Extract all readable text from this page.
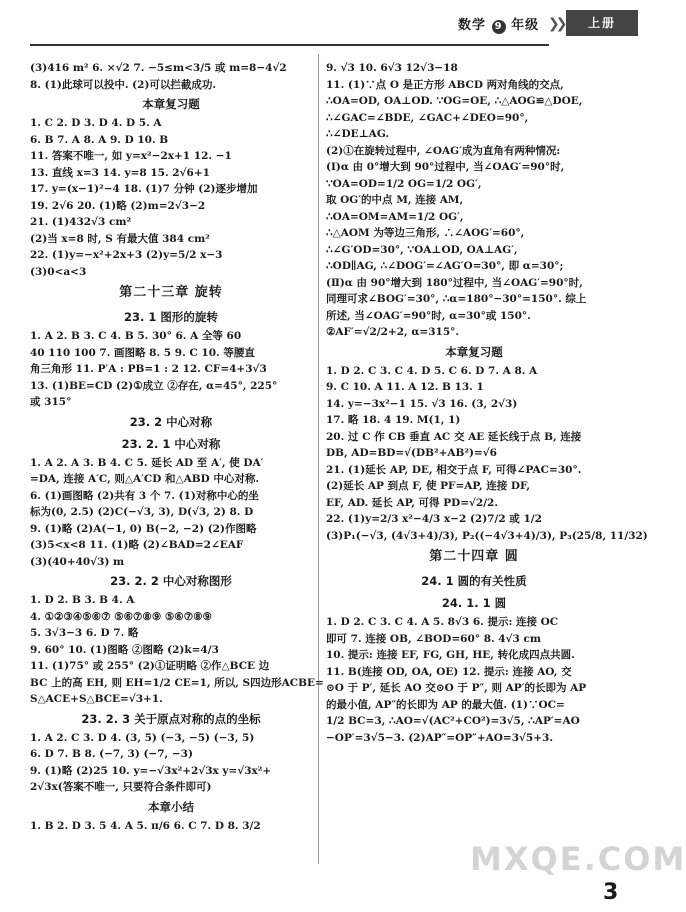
数学 9 年级 ❯❯	上册
(3)416 m² 6. ×√2 7. −5≤m<3/5 或 m=8−4√2
8. (1)此球可以投中. (2)可以拦截成功.
本章复习题
1. C 2. D 3. D 4. D 5. A
6. B 7. A 8. A 9. D 10. B
11. 答案不唯一, 如 y=x²−2x+1 12. −1
13. 直线 x=3 14. y=8 15. 2√6+1
17. y=(x−1)²−4 18. (1)7 分钟 (2)逐步增加
19. 2√6 20. (1)略 (2)m=2√3−2
21. (1)432√3 cm²
(2)当 x=8 时, S 有最大值 384 cm²
22. (1)y=−x²+2x+3 (2)y=5/2 x−3
(3)0<a<3
第二十三章 旋转
23. 1 图形的旋转
1. A 2. B 3. C 4. B 5. 30° 6. A 全等 60
40 110 100 7. 画图略 8. 5 9. C 10. 等腰直
角三角形 11. P′A : PB=1 : 2 12. CF=4+3√3
13. (1)BE=CD (2)①成立 ②存在, α=45°, 225°
或 315°
23. 2 中心对称
23. 2. 1 中心对称
1. A 2. A 3. B 4. C 5. 延长 AD 至 A′, 使 DA′
=DA, 连接 A′C, 则△A′CD 和△ABD 中心对称.
6. (1)画图略 (2)共有 3 个 7. (1)对称中心的坐
标为(0, 2.5) (2)C(−√3, 3), D(√3, 2) 8. D
9. (1)略 (2)A(−1, 0) B(−2, −2) (2)作图略
(3)5<x<8 11. (1)略 (2)∠BAD=2∠EAF
(3)(40+40√3) m
23. 2. 2 中心对称图形
1. D 2. B 3. B 4. A
4. ①②③④⑤⑥⑦ ⑤⑥⑦⑧⑨ ⑤⑥⑦⑧⑨
5. 3√3−3 6. D 7. 略
9. 60° 10. (1)图略 ②图略 (2)k=4/3
11. (1)75° 或 255° (2)①证明略 ②作△BCE 边
BC 上的高 EH, 则 EH=1/2 CE=1, 所以, S四边形ACBE=
S△ACE+S△BCE=√3+1.
23. 2. 3 关于原点对称的点的坐标
1. A 2. C 3. D 4. (3, 5) (−3, −5) (−3, 5)
6. D 7. B 8. (−7, 3) (−7, −3)
9. (1)略 (2)25 10. y=−√3x²+2√3x y=√3x²+
2√3x(答案不唯一, 只要符合条件即可)
本章小结
1. B 2. D 3. 5 4. A 5. π/6 6. C 7. D 8. 3/2
9. √3 10. 6√3 12√3−18
11. (1)∵点 O 是正方形 ABCD 两对角线的交点,
∴OA=OD, OA⊥OD. ∵OG=OE, ∴△AOG≌△DOE,
∴∠GAC=∠BDE, ∠GAC+∠DEO=90°,
∴∠DE⊥AG.
(2)①在旋转过程中, ∠OAG′成为直角有两种情况:
(Ⅰ)α 由 0°增大到 90°过程中, 当∠OAG′=90°时,
∵OA=OD=1/2 OG=1/2 OG′,
取 OG′的中点 M, 连接 AM,
∴OA=OM=AM=1/2 OG′,
∴△AOM 为等边三角形, ∴∠AOG′=60°,
∴∠G′OD=30°, ∵OA⊥OD, OA⊥AG′,
∴OD∥AG, ∴∠DOG′=∠AG′O=30°, 即 α=30°;
(Ⅱ)α 由 90°增大到 180°过程中, 当∠OAG′=90°时,
同理可求∠BOG′=30°, ∴α=180°−30°=150°. 综上
所述, 当∠OAG′=90°时, α=30°或 150°.
②AF′=√2/2+2, α=315°.
本章复习题
1. D 2. C 3. C 4. D 5. C 6. D 7. A 8. A
9. C 10. A 11. A 12. B 13. 1
14. y=−3x²−1 15. √3 16. (3, 2√3)
17. 略 18. 4 19. M(1, 1)
20. 过 C 作 CB 垂直 AC 交 AE 延长线于点 B, 连接
DB, AD=BD=√(DB²+AB²)=√6
21. (1)延长 AP, DE, 相交于点 F, 可得∠PAC=30°.
(2)延长 AP 到点 F, 使 PF=AP, 连接 DF,
EF, AD. 延长 AP, 可得 PD=√2/2.
22. (1)y=2/3 x²−4/3 x−2 (2)7/2 或 1/2
(3)P₁(−√3, (4√3+4)/3), P₂((−4√3+4)/3), P₃(25/8, 11/32)
第二十四章 圆
24. 1 圆的有关性质
24. 1. 1 圆
1. D 2. C 3. C 4. A 5. 8√3 6. 提示: 连接 OC
即可 7. 连接 OB, ∠BOD=60° 8. 4√3 cm
10. 提示: 连接 EF, FG, GH, HE, 转化成四点共圆.
11. B(连接 OD, OA, OE) 12. 提示: 连接 AO, 交
⊙O 于 P′, 延长 AO 交⊙O 于 P″, 则 AP′的长即为 AP
的最小值, AP″的长即为 AP 的最大值. (1)∵OC=
1/2 BC=3, ∴AO=√(AC²+CO²)=3√5, ∴AP′=AO
−OP′=3√5−3. (2)AP″=OP″+AO=3√5+3.
MXQE.COM
3
